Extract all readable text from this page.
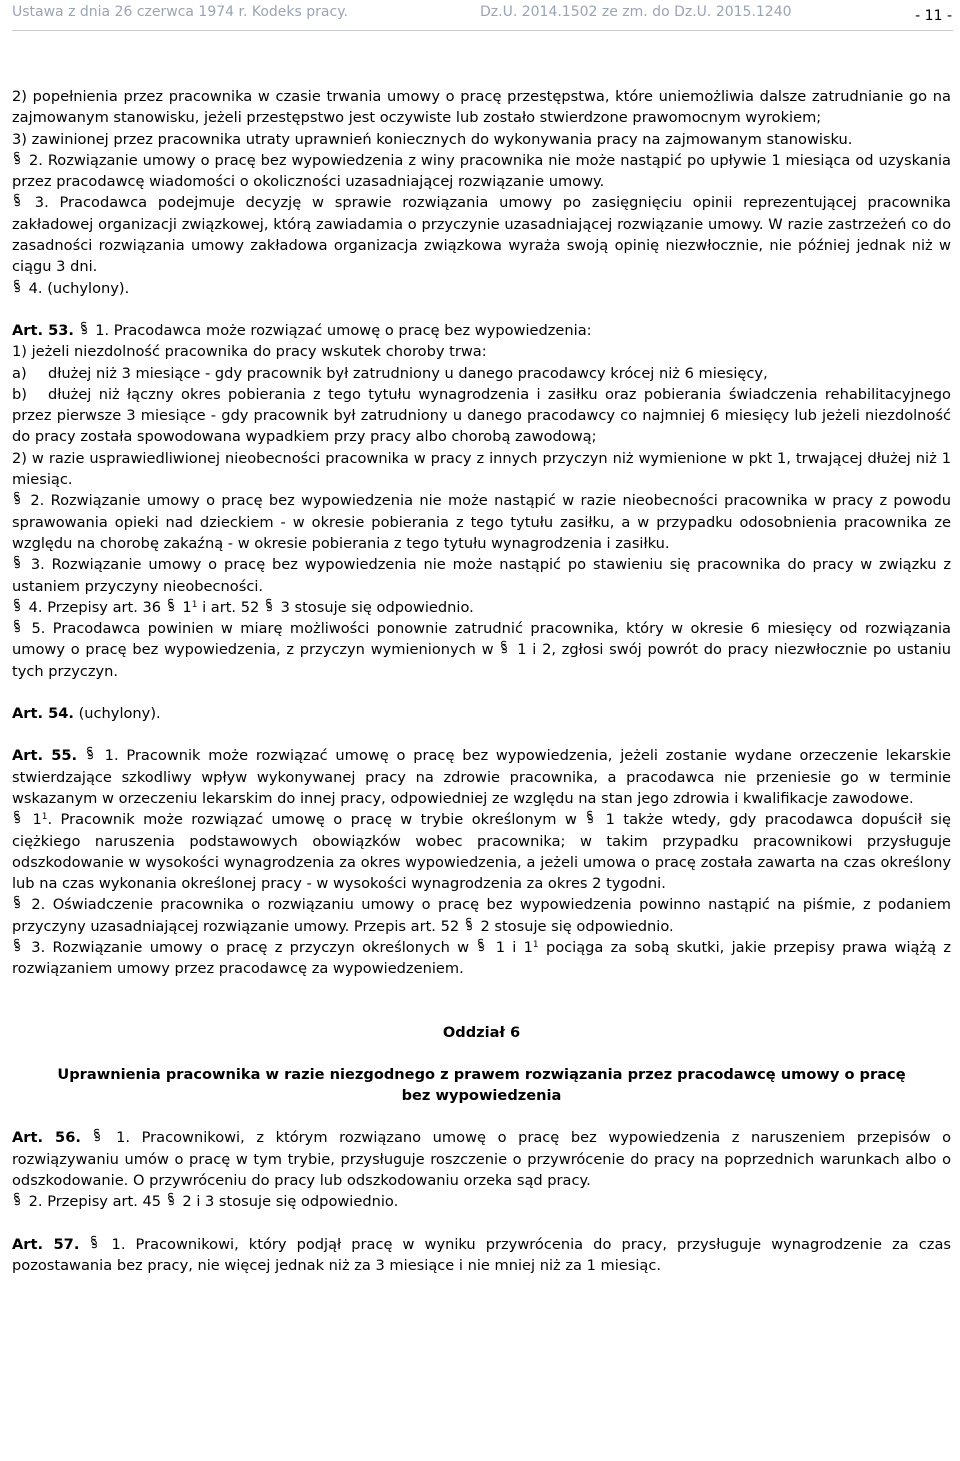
Ustawa z dnia 26 czerwca 1974 r. Kodeks pracy.	Dz.U. 2014.1502 ze zm. do Dz.U. 2015.1240	- 11 -

2) popełnienia przez pracownika w czasie trwania umowy o pracę przestępstwa, które uniemożliwia dalsze zatrudnianie go na zajmowanym stanowisku, jeżeli przestępstwo jest oczywiste lub zostało stwierdzone prawomocnym wyrokiem;

3) zawinionej przez pracownika utraty uprawnień koniecznych do wykonywania pracy na zajmowanym stanowisku.

2. Rozwiązanie umowy o pracę bez wypowiedzenia z winy pracownika nie może nastąpić po upływie 1 miesiąca od uzyskania przez pracodawcę wiadomości o okoliczności uzasadniającej rozwiązanie umowy.

3. Pracodawca podejmuje decyzję w sprawie rozwiązania umowy po zasięgnięciu opinii reprezentującej pracownika zakładowej organizacji związkowej, którą zawiadamia o przyczynie uzasadniającej rozwiązanie umowy. W razie zastrzeżeń co do zasadności rozwiązania umowy zakładowa organizacja związkowa wyraża swoją opinię niezwłocznie, nie później jednak niż w ciągu 3 dni.

4. (uchylony).

Art. 53. 1. Pracodawca może rozwiązać umowę o pracę bez wypowiedzenia:

1) jeżeli niezdolność pracownika do pracy wskutek choroby trwa:

a) dłużej niż 3 miesiące - gdy pracownik był zatrudniony u danego pracodawcy krócej niż 6 miesięcy,

b) dłużej niż łączny okres pobierania z tego tytułu wynagrodzenia i zasiłku oraz pobierania świadczenia rehabilitacyjnego przez pierwsze 3 miesiące - gdy pracownik był zatrudniony u danego pracodawcy co najmniej 6 miesięcy lub jeżeli niezdolność do pracy została spowodowana wypadkiem przy pracy albo chorobą zawodową;

2) w razie usprawiedliwionej nieobecności pracownika w pracy z innych przyczyn niż wymienione w pkt 1, trwającej dłużej niż 1 miesiąc.

2. Rozwiązanie umowy o pracę bez wypowiedzenia nie może nastąpić w razie nieobecności pracownika w pracy z powodu sprawowania opieki nad dzieckiem - w okresie pobierania z tego tytułu zasiłku, a w przypadku odosobnienia pracownika ze względu na chorobę zakaźną - w okresie pobierania z tego tytułu wynagrodzenia i zasiłku.

3. Rozwiązanie umowy o pracę bez wypowiedzenia nie może nastąpić po stawieniu się pracownika do pracy w związku z ustaniem przyczyny nieobecności.

4. Przepisy art. 36 $1^1$ i art. 52 3 stosuje się odpowiednio.

5. Pracodawca powinien w miarę możliwości ponownie zatrudnić pracownika, który w okresie 6 miesięcy od rozwiązania umowy o pracę bez wypowiedzenia, z przyczyn wymienionych w 1 i 2, zgłosi swój powrót do pracy niezwłocznie po ustaniu tych przyczyn.

Art. 54. (uchylony).

Art. 55. 1. Pracownik może rozwiązać umowę o pracę bez wypowiedzenia, jeżeli zostanie wydane orzeczenie lekarskie stwierdzające szkodliwy wpływ wykonywanej pracy na zdrowie pracownika, a pracodawca nie przeniesie go w terminie wskazanym w orzeczeniu lekarskim do innej pracy, odpowiedniej ze względu na stan jego zdrowia i kwalifikacje zawodowe.

$1^1$. Pracownik może rozwiązać umowę o pracę w trybie określonym w 1 także wtedy, gdy pracodawca dopuścił się ciężkiego naruszenia podstawowych obowiązków wobec pracownika; w takim przypadku pracownikowi przysługuje odszkodowanie w wysokości wynagrodzenia za okres wypowiedzenia, a jeżeli umowa o pracę została zawarta na czas określony lub na czas wykonania określonej pracy - w wysokości wynagrodzenia za okres 2 tygodni.

2. Oświadczenie pracownika o rozwiązaniu umowy o pracę bez wypowiedzenia powinno nastąpić na piśmie, z podaniem przyczyny uzasadniającej rozwiązanie umowy. Przepis art. 52 2 stosuje się odpowiednio.

3. Rozwiązanie umowy o pracę z przyczyn określonych w 1 i $1^1$ pociąga za sobą skutki, jakie przepisy prawa wiążą z rozwiązaniem umowy przez pracodawcę za wypowiedzeniem.

Oddział 6

Uprawnienia pracownika w razie niezgodnego z prawem rozwiązania przez pracodawcę umowy o pracę bez wypowiedzenia

Art. 56. 1. Pracownikowi, z którym rozwiązano umowę o pracę bez wypowiedzenia z naruszeniem przepisów o rozwiązywaniu umów o pracę w tym trybie, przysługuje roszczenie o przywrócenie do pracy na poprzednich warunkach albo o odszkodowanie. O przywróceniu do pracy lub odszkodowaniu orzeka sąd pracy.

2. Przepisy art. 45 2 i 3 stosuje się odpowiednio.

Art. 57. 1. Pracownikowi, który podjął pracę w wyniku przywrócenia do pracy, przysługuje wynagrodzenie za czas pozostawania bez pracy, nie więcej jednak niż za 3 miesiące i nie mniej niż za 1 miesiąc.
